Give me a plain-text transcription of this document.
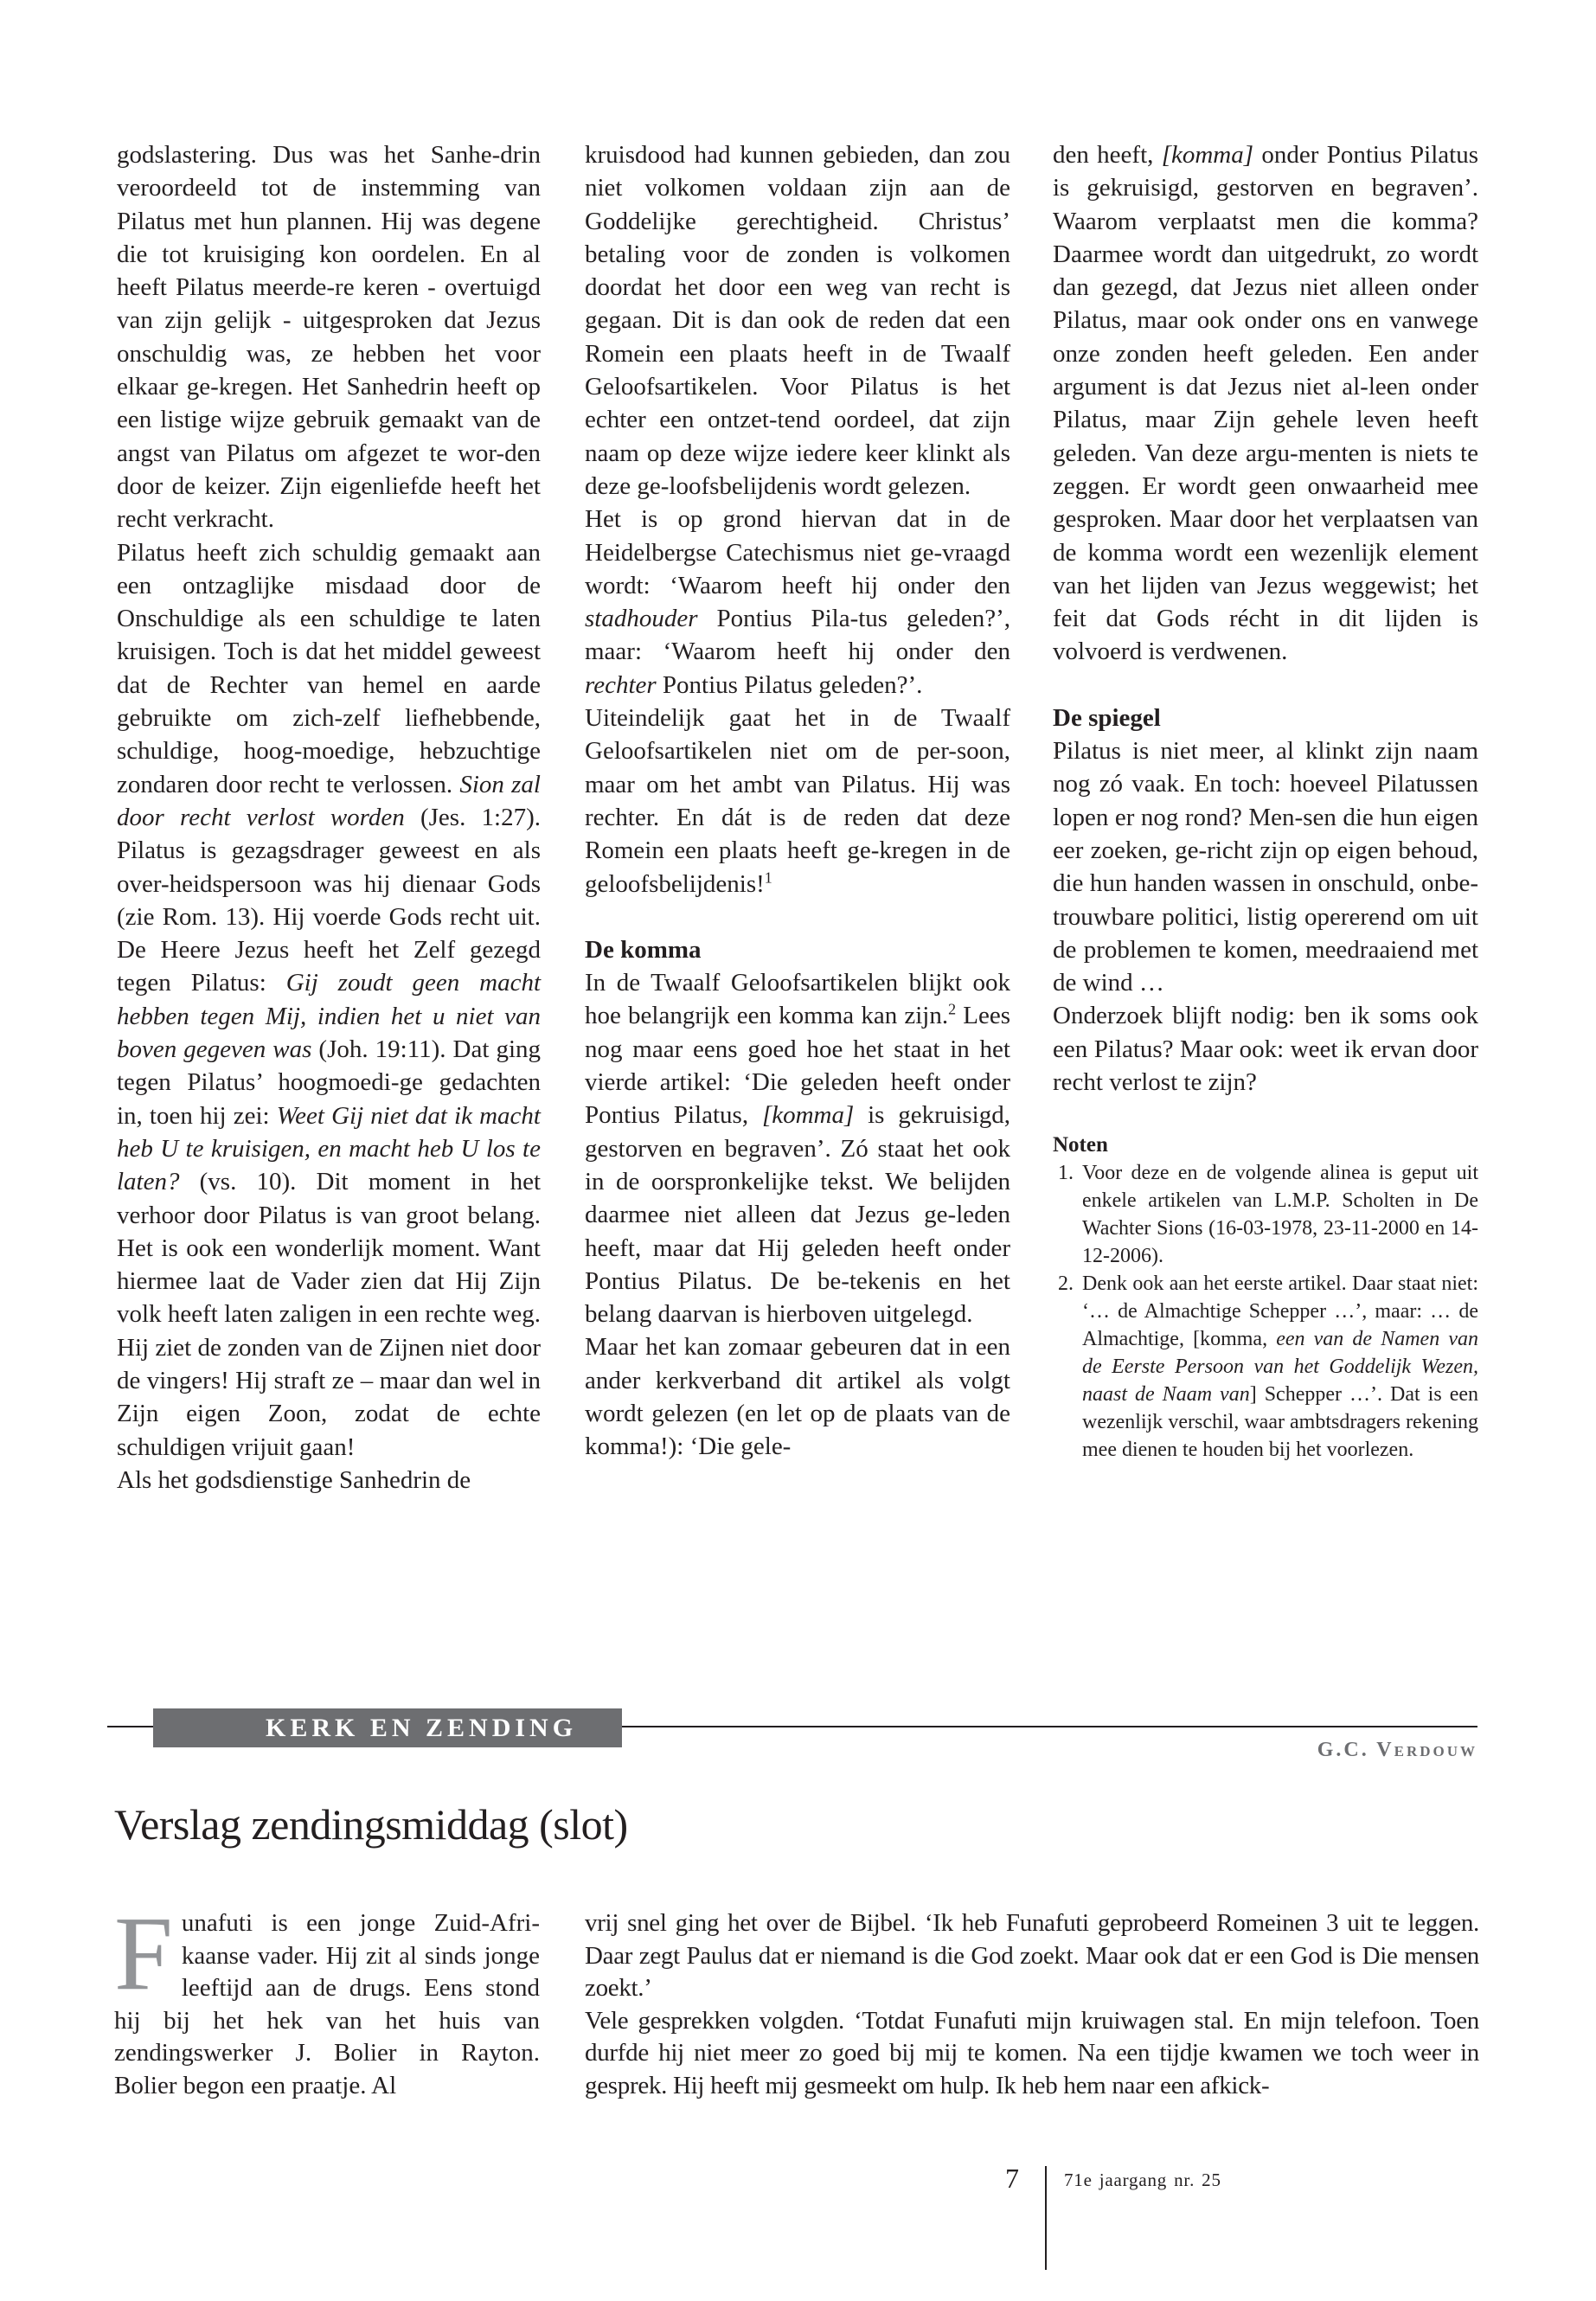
godslastering. Dus was het Sanhe-drin veroordeeld tot de instemming van Pilatus met hun plannen. Hij was degene die tot kruisiging kon oordelen. En al heeft Pilatus meerde-re keren - overtuigd van zijn gelijk - uitgesproken dat Jezus onschuldig was, ze hebben het voor elkaar ge-kregen. Het Sanhedrin heeft op een listige wijze gebruik gemaakt van de angst van Pilatus om afgezet te wor-den door de keizer. Zijn eigenliefde heeft het recht verkracht.

Pilatus heeft zich schuldig gemaakt aan een ontzaglijke misdaad door de Onschuldige als een schuldige te laten kruisigen. Toch is dat het middel geweest dat de Rechter van hemel en aarde gebruikte om zich-zelf liefhebbende, schuldige, hoog-moedige, hebzuchtige zondaren door recht te verlossen. Sion zal door recht verlost worden (Jes. 1:27). Pilatus is gezagsdrager geweest en als over-heidspersoon was hij dienaar Gods (zie Rom. 13). Hij voerde Gods recht uit. De Heere Jezus heeft het Zelf gezegd tegen Pilatus: Gij zoudt geen macht hebben tegen Mij, indien het u niet van boven gegeven was (Joh. 19:11). Dat ging tegen Pilatus’ hoogmoedi-ge gedachten in, toen hij zei: Weet Gij niet dat ik macht heb U te kruisigen, en macht heb U los te laten? (vs. 10). Dit moment in het verhoor door Pilatus is van groot belang. Het is ook een wonderlijk moment. Want hiermee laat de Vader zien dat Hij Zijn volk heeft laten zaligen in een rechte weg. Hij ziet de zonden van de Zijnen niet door de vingers! Hij straft ze – maar dan wel in Zijn eigen Zoon, zodat de echte schuldigen vrijuit gaan!

Als het godsdienstige Sanhedrin de

kruisdood had kunnen gebieden, dan zou niet volkomen voldaan zijn aan de Goddelijke gerechtigheid. Christus’ betaling voor de zonden is volkomen doordat het door een weg van recht is gegaan. Dit is dan ook de reden dat een Romein een plaats heeft in de Twaalf Geloofsartikelen. Voor Pilatus is het echter een ontzet-tend oordeel, dat zijn naam op deze wijze iedere keer klinkt als deze ge-loofsbelijdenis wordt gelezen.

Het is op grond hiervan dat in de Heidelbergse Catechismus niet ge-vraagd wordt: ‘Waarom heeft hij onder den stadhouder Pontius Pila-tus geleden?’, maar: ‘Waarom heeft hij onder den rechter Pontius Pilatus geleden?’.

Uiteindelijk gaat het in de Twaalf Geloofsartikelen niet om de per-soon, maar om het ambt van Pilatus. Hij was rechter. En dát is de reden dat deze Romein een plaats heeft ge-kregen in de geloofsbelijdenis!$^1$

De komma

In de Twaalf Geloofsartikelen blijkt ook hoe belangrijk een komma kan zijn.$^2$ Lees nog maar eens goed hoe het staat in het vierde artikel: ‘Die geleden heeft onder Pontius Pilatus, [komma] is gekruisigd, gestorven en begraven’. Zó staat het ook in de oorspronkelijke tekst. We belijden daarmee niet alleen dat Jezus ge-leden heeft, maar dat Hij geleden heeft onder Pontius Pilatus. De be-tekenis en het belang daarvan is hierboven uitgelegd.

Maar het kan zomaar gebeuren dat in een ander kerkverband dit artikel als volgt wordt gelezen (en let op de plaats van de komma!): ‘Die gele-

den heeft, [komma] onder Pontius Pilatus is gekruisigd, gestorven en begraven’. Waarom verplaatst men die komma? Daarmee wordt dan uitgedrukt, zo wordt dan gezegd, dat Jezus niet alleen onder Pilatus, maar ook onder ons en vanwege onze zonden heeft geleden. Een ander argument is dat Jezus niet al-leen onder Pilatus, maar Zijn gehele leven heeft geleden. Van deze argu-menten is niets te zeggen. Er wordt geen onwaarheid mee gesproken. Maar door het verplaatsen van de komma wordt een wezenlijk element van het lijden van Jezus weggewist; het feit dat Gods récht in dit lijden is volvoerd is verdwenen.

De spiegel

Pilatus is niet meer, al klinkt zijn naam nog zó vaak. En toch: hoeveel Pilatussen lopen er nog rond? Men-sen die hun eigen eer zoeken, ge-richt zijn op eigen behoud, die hun handen wassen in onschuld, onbe-trouwbare politici, listig opererend om uit de problemen te komen, meedraaiend met de wind …

Onderzoek blijft nodig: ben ik soms ook een Pilatus? Maar ook: weet ik ervan door recht verlost te zijn?

Noten
1. Voor deze en de volgende alinea is geput uit enkele artikelen van L.M.P. Scholten in De Wachter Sions (16-03-1978, 23-11-2000 en 14-12-2006).
2. Denk ook aan het eerste artikel. Daar staat niet: ‘… de Almachtige Schepper …’, maar: … de Almachtige, [komma, een van de Namen van de Eerste Persoon van het Goddelijk Wezen, naast de Naam van] Schepper …’. Dat is een wezenlijk verschil, waar ambtsdragers rekening mee dienen te houden bij het voorlezen.
KERK EN ZENDING
G.C. Verdouw
Verslag zendingsmiddag (slot)
F unafuti is een jonge Zuid-Afri-kaanse vader. Hij zit al sinds jonge leeftijd aan de drugs. Eens stond hij bij het hek van het huis van zendingswerker J. Bolier in Rayton. Bolier begon een praatje. Al

vrij snel ging het over de Bijbel. ‘Ik heb Funafuti geprobeerd Romeinen 3 uit te leggen. Daar zegt Paulus dat er niemand is die God zoekt. Maar ook dat er een God is Die mensen zoekt.’

Vele gesprekken volgden. ‘Totdat Funafuti mijn kruiwagen stal. En mijn telefoon. Toen durfde hij niet meer zo goed bij mij te komen. Na een tijdje kwamen we toch weer in gesprek. Hij heeft mij gesmeekt om hulp. Ik heb hem naar een afkick-

7 71e jaargang nr. 25
